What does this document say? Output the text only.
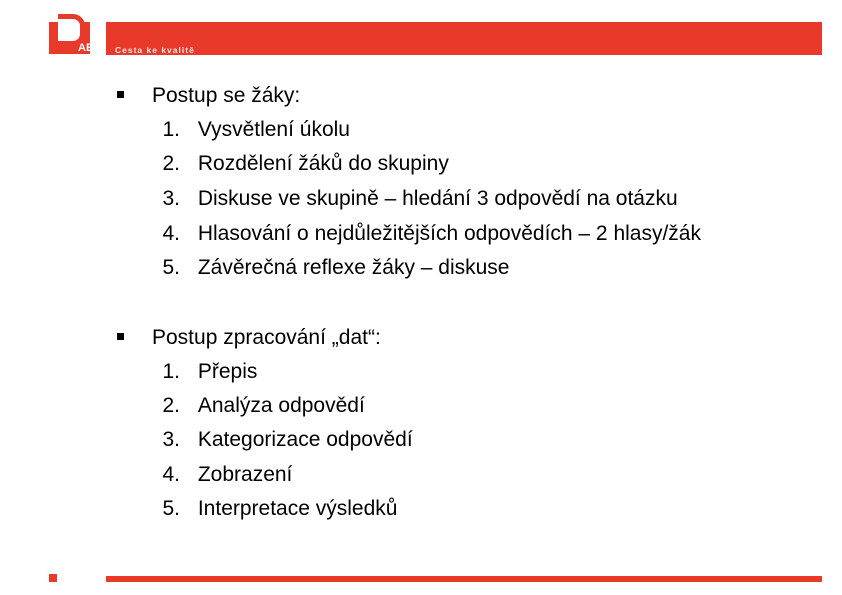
AE	Cesta ke kvalitě
Postup se žáky:
1. Vysvětlení úkolu
2. Rozdělení žáků do skupiny
3. Diskuse ve skupině – hledání 3 odpovědí na otázku
4. Hlasování o nejdůležitějších odpovědích – 2 hlasy/žák
5. Závěrečná reflexe žáky – diskuse
Postup zpracování „dat“:
1. Přepis
2. Analýza odpovědí
3. Kategorizace odpovědí
4. Zobrazení
5. Interpretace výsledků
